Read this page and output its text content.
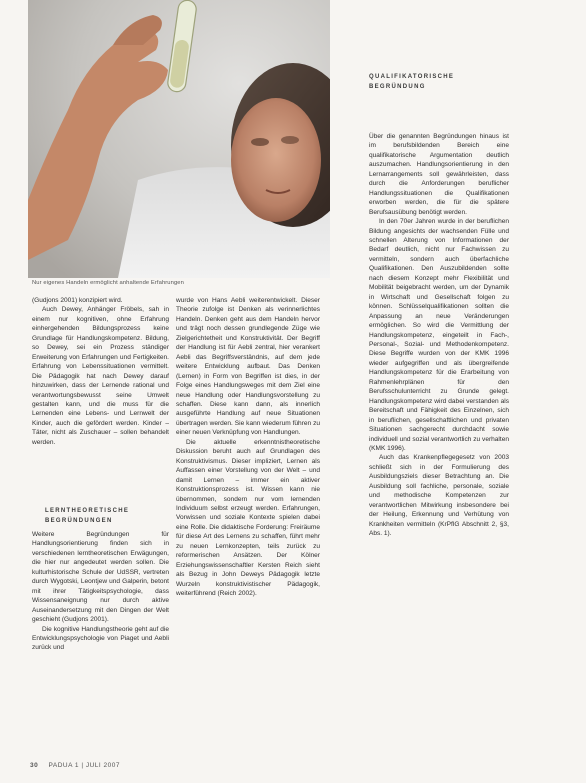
Nur eigenes Handeln ermöglicht anhaltende Erfahrungen

(Gudjons 2001) konzipiert wird.

Auch Dewey, Anhänger Fröbels, sah in einem nur kognitiven, ohne Erfahrung einhergehenden Bildungsprozess keine Grundlage für Handlungskompetenz. Bildung, so Dewey, sei ein Prozess ständiger Erweiterung von Erfahrungen und Fertigkeiten. Erfahrung von Lebenssituationen vermittelt. Die Pädagogik hat nach Dewey darauf hinzuwirken, dass der Lernende rational und verantwortungsbewusst seine Umwelt gestalten kann, und die muss für die Lernenden eine Lebens- und Lernwelt der Kinder, auch die gefördert werden. Kinder – Täter, nicht als Zuschauer – sollen behandelt werden.

LERNTHEORETISCHE BEGRÜNDUNGEN

Weitere Begründungen für Handlungsorientierung finden sich in verschiedenen lerntheoretischen Erwägungen, die hier nur angedeutet werden sollen. Die kulturhistorische Schule der UdSSR, vertreten durch Wygotski, Leontjew und Galperin, betont mit ihrer Tätigkeitspsychologie, dass Wissensaneignung nur durch aktive Auseinandersetzung mit den Dingen der Welt geschieht (Gudjons 2001).

Die kognitive Handlungstheorie geht auf die Entwicklungspsychologie von Piaget und Aebli zurück und

wurde von Hans Aebli weiterentwickelt. Dieser Theorie zufolge ist Denken als verinnerlichtes Handeln. Denken geht aus dem Handeln hervor und trägt noch dessen grundlegende Züge wie Zielgerichtetheit und Konstruktivität. Der Begriff der Handlung ist für Aebli zentral, hier verankert Aebli das Begriffsverständnis, auf dem jede weitere Entwicklung aufbaut. Das Denken (Lernen) in Form von Begriffen ist dies, in der Folge eines Handlungsweges mit dem Ziel eine neue Handlung oder Handlungsvorstellung zu schaffen. Diese kann dann, als innerlich ausgeführte Handlung auf neue Situationen übertragen werden. Sie kann wiederum führen zu einer neuen Verknüpfung von Handlungen.

Die aktuelle erkenntnistheoretische Diskussion beruht auch auf Grundlagen des Konstruktivismus. Dieser impliziert, Lernen als Auffassen einer Vorstellung von der Welt – und damit Lernen – immer ein aktiver Konstruktionsprozess ist. Wissen kann nie übernommen, sondern nur vom lernenden Individuum selbst erzeugt werden. Erfahrungen, Vorwissen und soziale Kontexte spielen dabei eine Rolle. Die didaktische Forderung: Freiräume für diese Art des Lernens zu schaffen, führt mehr zu neuen Lernkonzepten, teils zurück zu reformerischen Ansätzen. Der Kölner Erziehungswissenschaftler Kersten Reich sieht als Bezug in John Deweys Pädagogik letzte Wurzeln konstruktivistischer Pädagogik, weiterführend (Reich 2002).

QUALIFIKATORISCHE BEGRÜNDUNG

Über die genannten Begründungen hinaus ist im berufsbildenden Bereich eine qualifikatorische Argumentation deutlich auszumachen. Handlungsorientierung in den Lernarrangements soll gewährleisten, dass durch die Anforderungen beruflicher Handlungssituationen die Qualifikationen erworben werden, die für die spätere Berufsausübung benötigt werden.

In den 70er Jahren wurde in der beruflichen Bildung angesichts der wachsenden Fülle und schnellen Alterung von Informationen der Bedarf deutlich, nicht nur Fachwissen zu vermitteln, sondern auch überfachliche Qualifikationen. Den Auszubildenden sollte nach diesem Konzept mehr Flexibilität und Mobilität beigebracht werden, um der Dynamik in Wirtschaft und Gesellschaft folgen zu können. Schlüsselqualifikationen sollten die Anpassung an neue Veränderungen ermöglichen. So wird die Vermittlung der Handlungskompetenz, eingeteilt in Fach-, Personal-, Sozial- und Methodenkompetenz. Diese Begriffe wurden von der KMK 1996 wieder aufgegriffen und als übergreifende Handlungskompetenz für die Erarbeitung von Rahmenlehrplänen für den Berufsschulunterricht zu Grunde gelegt. Handlungskompetenz wird dabei verstanden als Bereitschaft und Fähigkeit des Einzelnen, sich in beruflichen, gesellschaftlichen und privaten Situationen sachgerecht durchdacht sowie individuell und sozial verantwortlich zu verhalten (KMK 1996).

Auch das Krankenpflegegesetz von 2003 schließt sich in der Formulierung des Ausbildungsziels dieser Betrachtung an. Die Ausbildung soll fachliche, personale, soziale und methodische Kompetenzen zur verantwortlichen Mitwirkung insbesondere bei der Heilung, Erkennung und Verhütung von Krankheiten vermitteln (KrPflG Abschnitt 2, §3, Abs. 1).

30 PADUA 1 | JULI 2007
